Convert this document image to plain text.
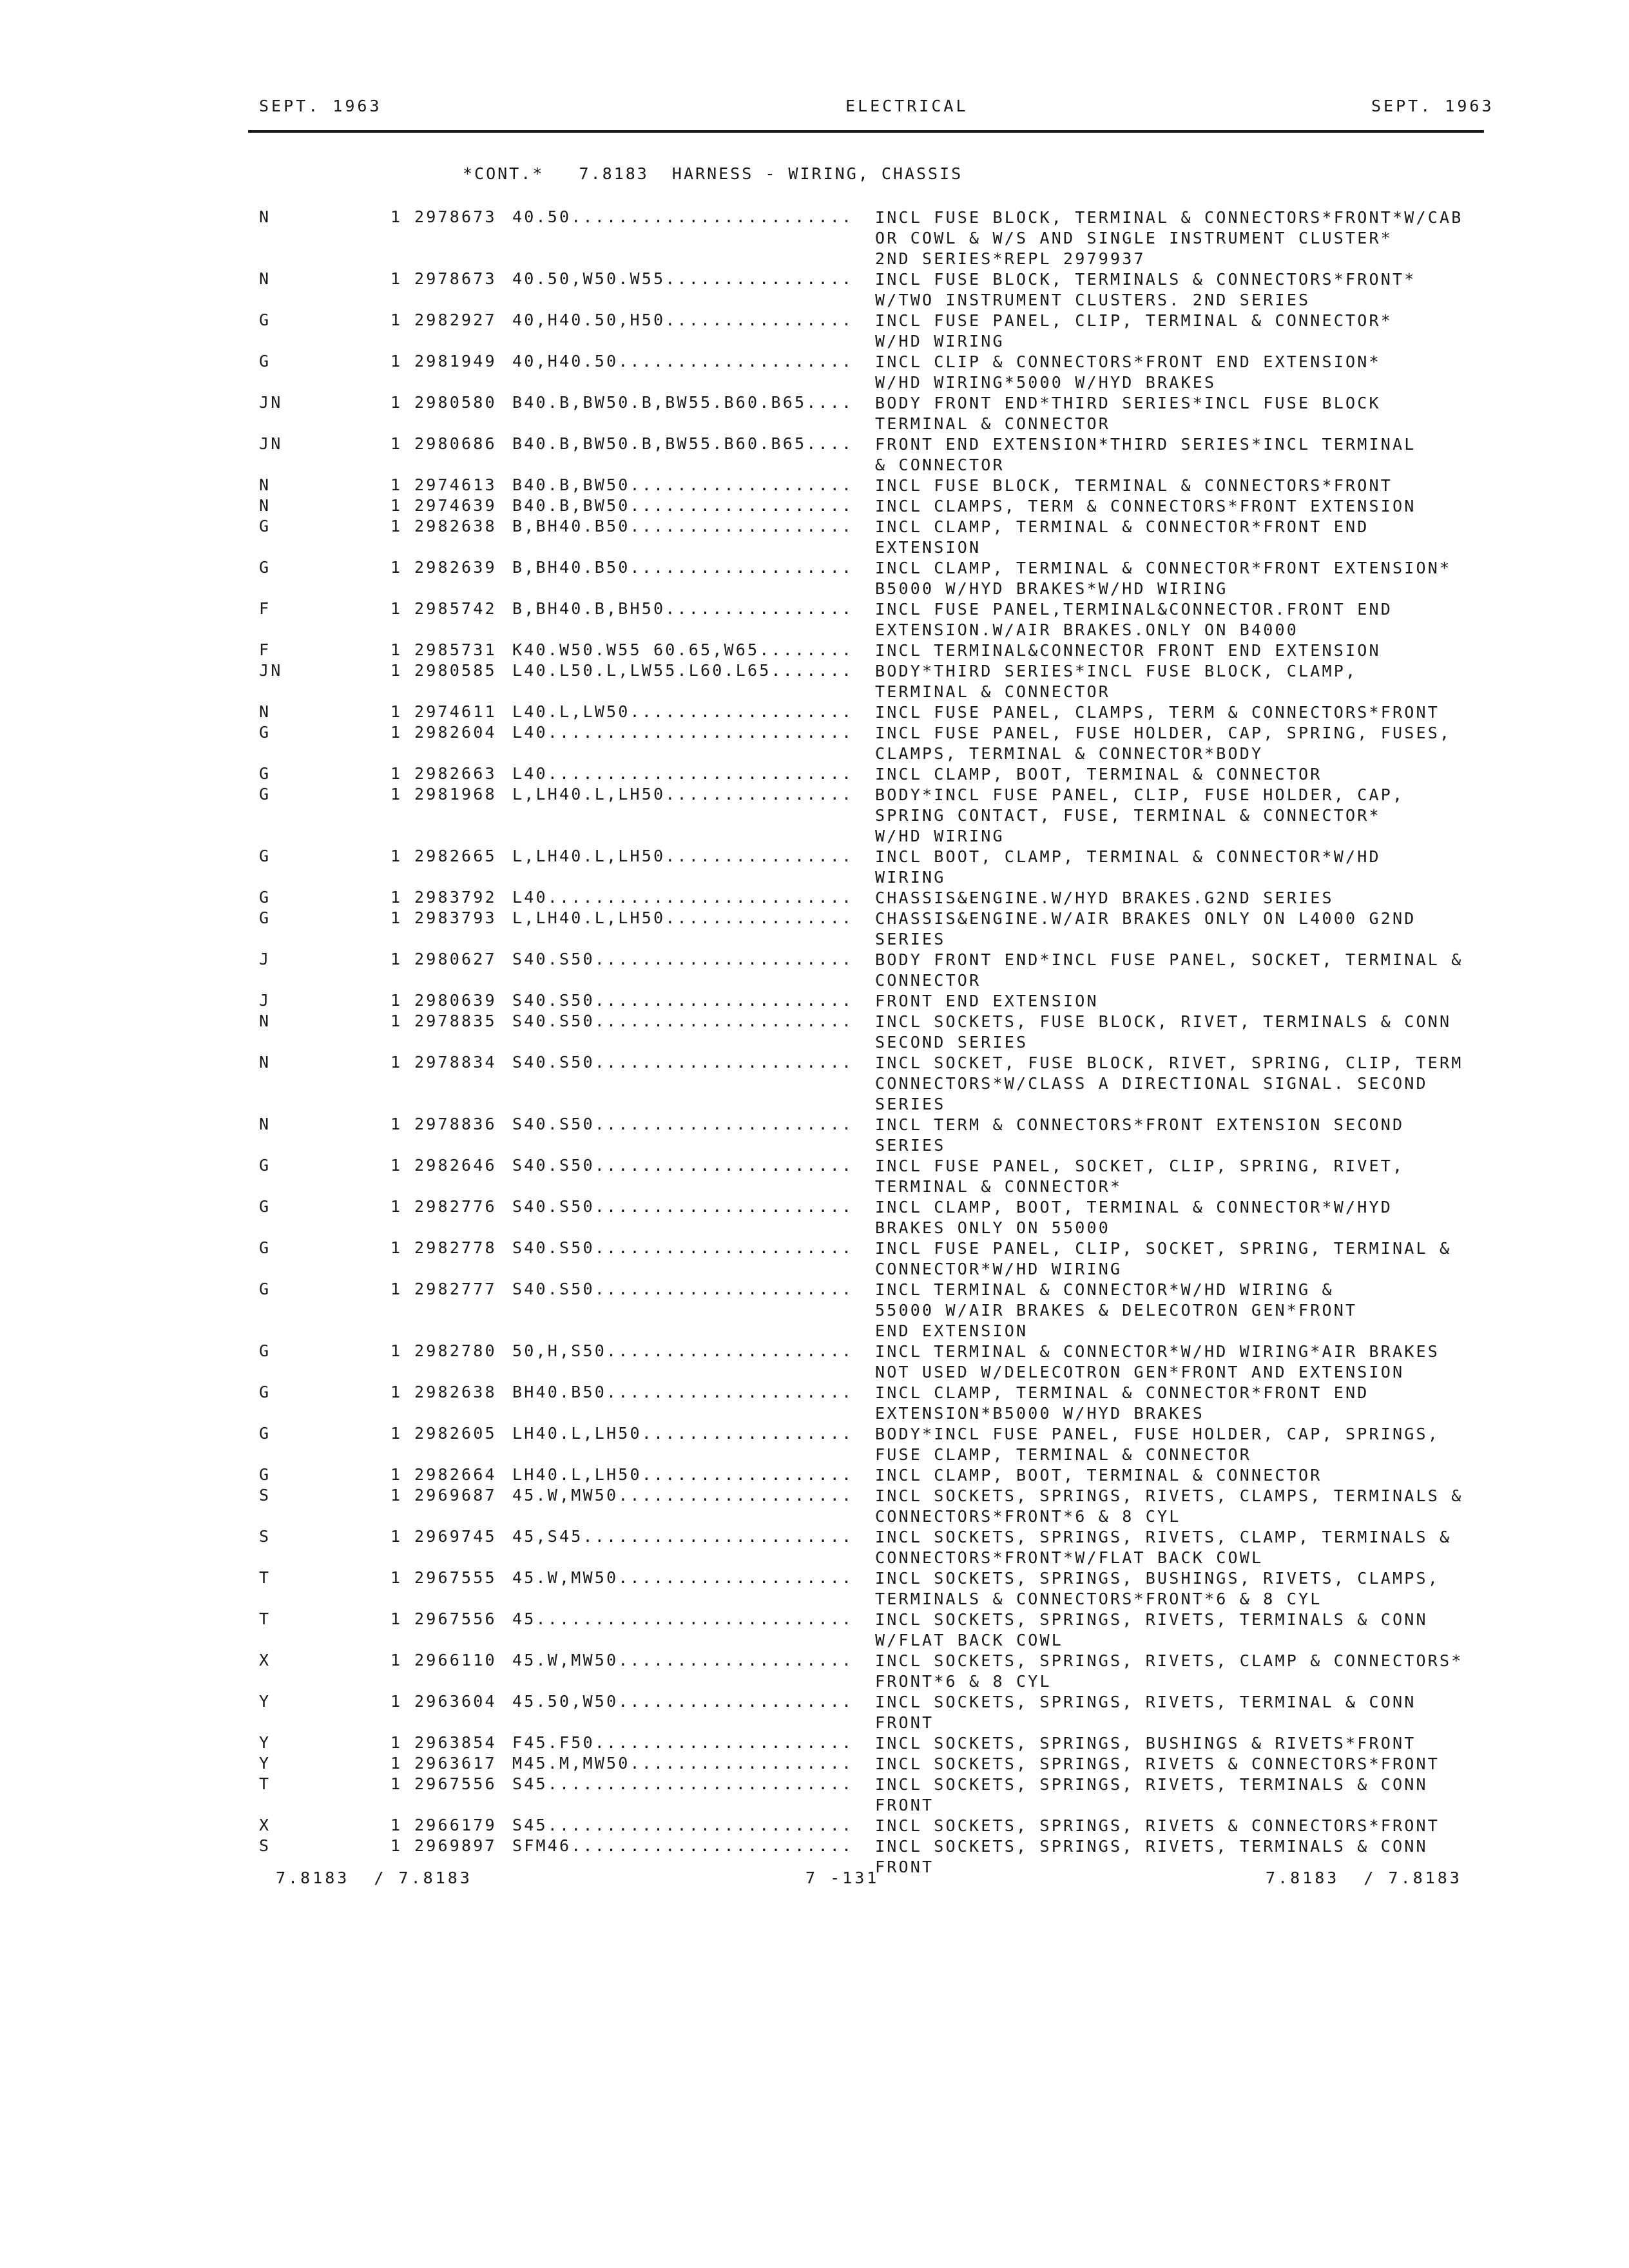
SEPT. 1963	ELECTRICAL	SEPT. 1963
*CONT.*   7.8183  HARNESS - WIRING, CHASSIS
N	1 2978673 40.50........................	INCL FUSE BLOCK, TERMINAL & CONNECTORS*FRONT*W/CAB
OR COWL & W/S AND SINGLE INSTRUMENT CLUSTER*
2ND SERIES*REPL 2979937
N	1 2978673 40.50,W50.W55................	INCL FUSE BLOCK, TERMINALS & CONNECTORS*FRONT*
W/TWO INSTRUMENT CLUSTERS. 2ND SERIES
G	1 2982927 40,H40.50,H50................	INCL FUSE PANEL, CLIP, TERMINAL & CONNECTOR*
W/HD WIRING
G	1 2981949 40,H40.50....................	INCL CLIP & CONNECTORS*FRONT END EXTENSION*
W/HD WIRING*5000 W/HYD BRAKES
JN	1 2980580 B40.B,BW50.B,BW55.B60.B65....	BODY FRONT END*THIRD SERIES*INCL FUSE BLOCK
TERMINAL & CONNECTOR
JN	1 2980686 B40.B,BW50.B,BW55.B60.B65....	FRONT END EXTENSION*THIRD SERIES*INCL TERMINAL
& CONNECTOR
N	1 2974613 B40.B,BW50...................	INCL FUSE BLOCK, TERMINAL & CONNECTORS*FRONT
N	1 2974639 B40.B,BW50...................	INCL CLAMPS, TERM & CONNECTORS*FRONT EXTENSION
G	1 2982638 B,BH40.B50...................	INCL CLAMP, TERMINAL & CONNECTOR*FRONT END
EXTENSION
G	1 2982639 B,BH40.B50...................	INCL CLAMP, TERMINAL & CONNECTOR*FRONT EXTENSION*
B5000 W/HYD BRAKES*W/HD WIRING
F	1 2985742 B,BH40.B,BH50................	INCL FUSE PANEL,TERMINAL&CONNECTOR.FRONT END
EXTENSION.W/AIR BRAKES.ONLY ON B4000
F	1 2985731 K40.W50.W55 60.65,W65........	INCL TERMINAL&CONNECTOR FRONT END EXTENSION
JN	1 2980585 L40.L50.L,LW55.L60.L65.......	BODY*THIRD SERIES*INCL FUSE BLOCK, CLAMP,
TERMINAL & CONNECTOR
N	1 2974611 L40.L,LW50...................	INCL FUSE PANEL, CLAMPS, TERM & CONNECTORS*FRONT
G	1 2982604 L40..........................	INCL FUSE PANEL, FUSE HOLDER, CAP, SPRING, FUSES,
CLAMPS, TERMINAL & CONNECTOR*BODY
G	1 2982663 L40..........................	INCL CLAMP, BOOT, TERMINAL & CONNECTOR
G	1 2981968 L,LH40.L,LH50................	BODY*INCL FUSE PANEL, CLIP, FUSE HOLDER, CAP,
SPRING CONTACT, FUSE, TERMINAL & CONNECTOR*
W/HD WIRING
G	1 2982665 L,LH40.L,LH50................	INCL BOOT, CLAMP, TERMINAL & CONNECTOR*W/HD
WIRING
G	1 2983792 L40..........................	CHASSIS&ENGINE.W/HYD BRAKES.G2ND SERIES
G	1 2983793 L,LH40.L,LH50................	CHASSIS&ENGINE.W/AIR BRAKES ONLY ON L4000 G2ND
SERIES
J	1 2980627 S40.S50......................	BODY FRONT END*INCL FUSE PANEL, SOCKET, TERMINAL &
CONNECTOR
J	1 2980639 S40.S50......................	FRONT END EXTENSION
N	1 2978835 S40.S50......................	INCL SOCKETS, FUSE BLOCK, RIVET, TERMINALS & CONN
SECOND SERIES
N	1 2978834 S40.S50......................	INCL SOCKET, FUSE BLOCK, RIVET, SPRING, CLIP, TERM
CONNECTORS*W/CLASS A DIRECTIONAL SIGNAL. SECOND
SERIES
N	1 2978836 S40.S50......................	INCL TERM & CONNECTORS*FRONT EXTENSION SECOND
SERIES
G	1 2982646 S40.S50......................	INCL FUSE PANEL, SOCKET, CLIP, SPRING, RIVET,
TERMINAL & CONNECTOR*
G	1 2982776 S40.S50......................	INCL CLAMP, BOOT, TERMINAL & CONNECTOR*W/HYD
BRAKES ONLY ON 55000
G	1 2982778 S40.S50......................	INCL FUSE PANEL, CLIP, SOCKET, SPRING, TERMINAL &
CONNECTOR*W/HD WIRING
G	1 2982777 S40.S50......................	INCL TERMINAL & CONNECTOR*W/HD WIRING &
55000 W/AIR BRAKES & DELECOTRON GEN*FRONT
END EXTENSION
G	1 2982780 50,H,S50.....................	INCL TERMINAL & CONNECTOR*W/HD WIRING*AIR BRAKES
NOT USED W/DELECOTRON GEN*FRONT AND EXTENSION
G	1 2982638 BH40.B50.....................	INCL CLAMP, TERMINAL & CONNECTOR*FRONT END
EXTENSION*B5000 W/HYD BRAKES
G	1 2982605 LH40.L,LH50..................	BODY*INCL FUSE PANEL, FUSE HOLDER, CAP, SPRINGS,
FUSE CLAMP, TERMINAL & CONNECTOR
G	1 2982664 LH40.L,LH50..................	INCL CLAMP, BOOT, TERMINAL & CONNECTOR
S	1 2969687 45.W,MW50....................	INCL SOCKETS, SPRINGS, RIVETS, CLAMPS, TERMINALS &
CONNECTORS*FRONT*6 & 8 CYL
S	1 2969745 45,S45.......................	INCL SOCKETS, SPRINGS, RIVETS, CLAMP, TERMINALS &
CONNECTORS*FRONT*W/FLAT BACK COWL
T	1 2967555 45.W,MW50....................	INCL SOCKETS, SPRINGS, BUSHINGS, RIVETS, CLAMPS,
TERMINALS & CONNECTORS*FRONT*6 & 8 CYL
T	1 2967556 45...........................	INCL SOCKETS, SPRINGS, RIVETS, TERMINALS & CONN
W/FLAT BACK COWL
X	1 2966110 45.W,MW50....................	INCL SOCKETS, SPRINGS, RIVETS, CLAMP & CONNECTORS*
FRONT*6 & 8 CYL
Y	1 2963604 45.50,W50....................	INCL SOCKETS, SPRINGS, RIVETS, TERMINAL & CONN
FRONT
Y	1 2963854 F45.F50......................	INCL SOCKETS, SPRINGS, BUSHINGS & RIVETS*FRONT
Y	1 2963617 M45.M,MW50...................	INCL SOCKETS, SPRINGS, RIVETS & CONNECTORS*FRONT
T	1 2967556 S45..........................	INCL SOCKETS, SPRINGS, RIVETS, TERMINALS & CONN
FRONT
X	1 2966179 S45..........................	INCL SOCKETS, SPRINGS, RIVETS & CONNECTORS*FRONT
S	1 2969897 SFM46........................	INCL SOCKETS, SPRINGS, RIVETS, TERMINALS & CONN
FRONT
7.8183  / 7.8183	7 -131	7.8183  / 7.8183
